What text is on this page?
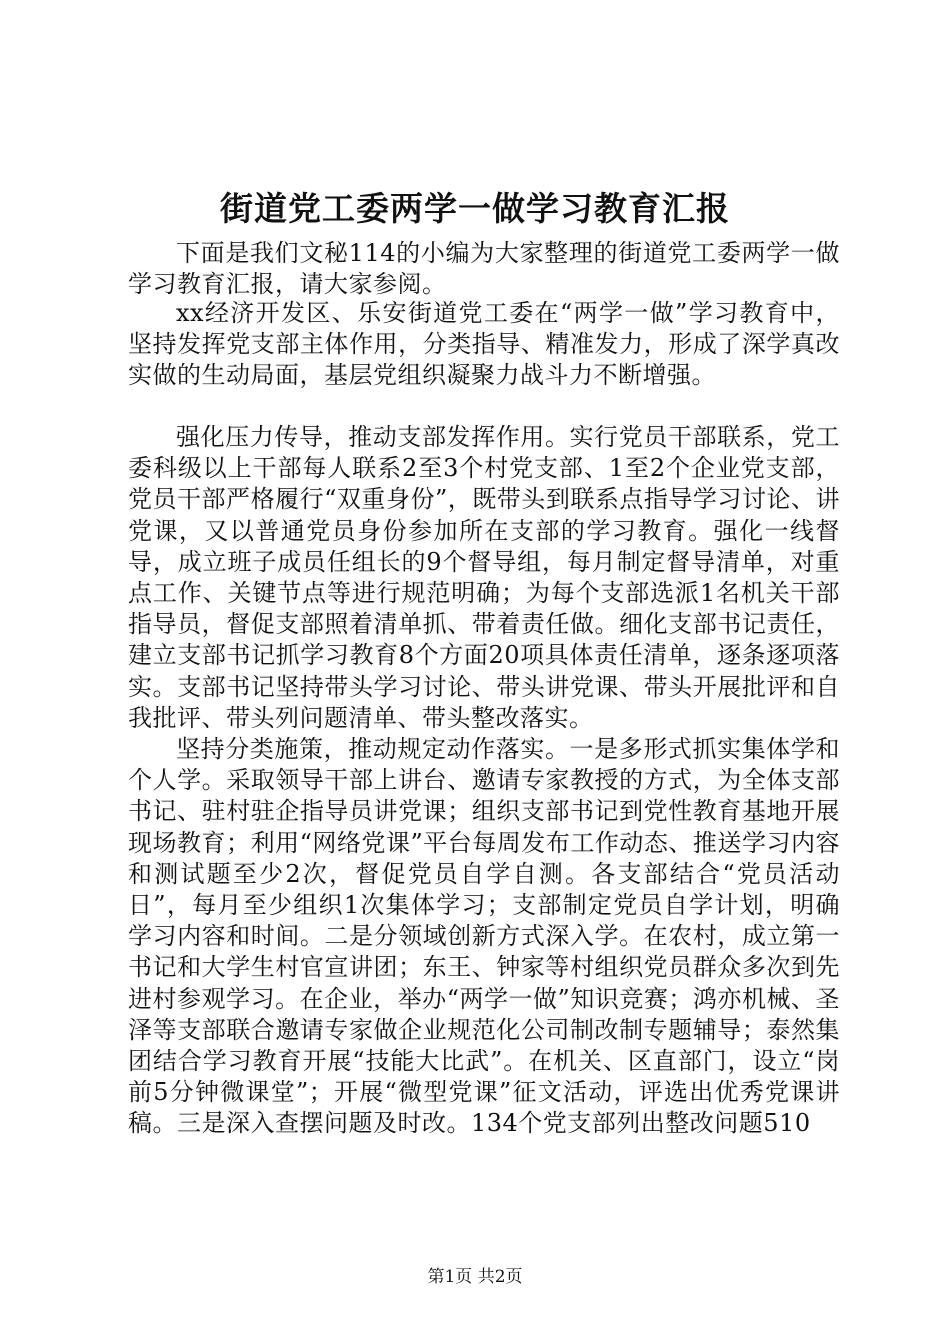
街道党工委两学一做学习教育汇报

下面是我们文秘114的小编为大家整理的街道党工委两学一做学习教育汇报，请大家参阅。

xx经济开发区、乐安街道党工委在“两学一做”学习教育中，坚持发挥党支部主体作用，分类指导、精准发力，形成了深学真改实做的生动局面，基层党组织凝聚力战斗力不断增强。

强化压力传导，推动支部发挥作用。实行党员干部联系，党工委科级以上干部每人联系2至3个村党支部、1至2个企业党支部，党员干部严格履行“双重身份”，既带头到联系点指导学习讨论、讲党课，又以普通党员身份参加所在支部的学习教育。强化一线督导，成立班子成员任组长的9个督导组，每月制定督导清单，对重点工作、关键节点等进行规范明确；为每个支部选派1名机关干部指导员，督促支部照着清单抓、带着责任做。细化支部书记责任，建立支部书记抓学习教育8个方面20项具体责任清单，逐条逐项落实。支部书记坚持带头学习讨论、带头讲党课、带头开展批评和自我批评、带头列问题清单、带头整改落实。

坚持分类施策，推动规定动作落实。一是多形式抓实集体学和个人学。采取领导干部上讲台、邀请专家教授的方式，为全体支部书记、驻村驻企指导员讲党课；组织支部书记到党性教育基地开展现场教育；利用“网络党课”平台每周发布工作动态、推送学习内容和测试题至少2次，督促党员自学自测。各支部结合“党员活动日”，每月至少组织1次集体学习；支部制定党员自学计划，明确学习内容和时间。二是分领域创新方式深入学。在农村，成立第一书记和大学生村官宣讲团；东王、钟家等村组织党员群众多次到先进村参观学习。在企业，举办“两学一做”知识竞赛；鸿亦机械、圣泽等支部联合邀请专家做企业规范化公司制改制专题辅导；泰然集团结合学习教育开展“技能大比武”。在机关、区直部门，设立“岗前5分钟微课堂”；开展“微型党课”征文活动，评选出优秀党课讲稿。三是深入查摆问题及时改。134个党支部列出整改问题510

第1页 共2页
